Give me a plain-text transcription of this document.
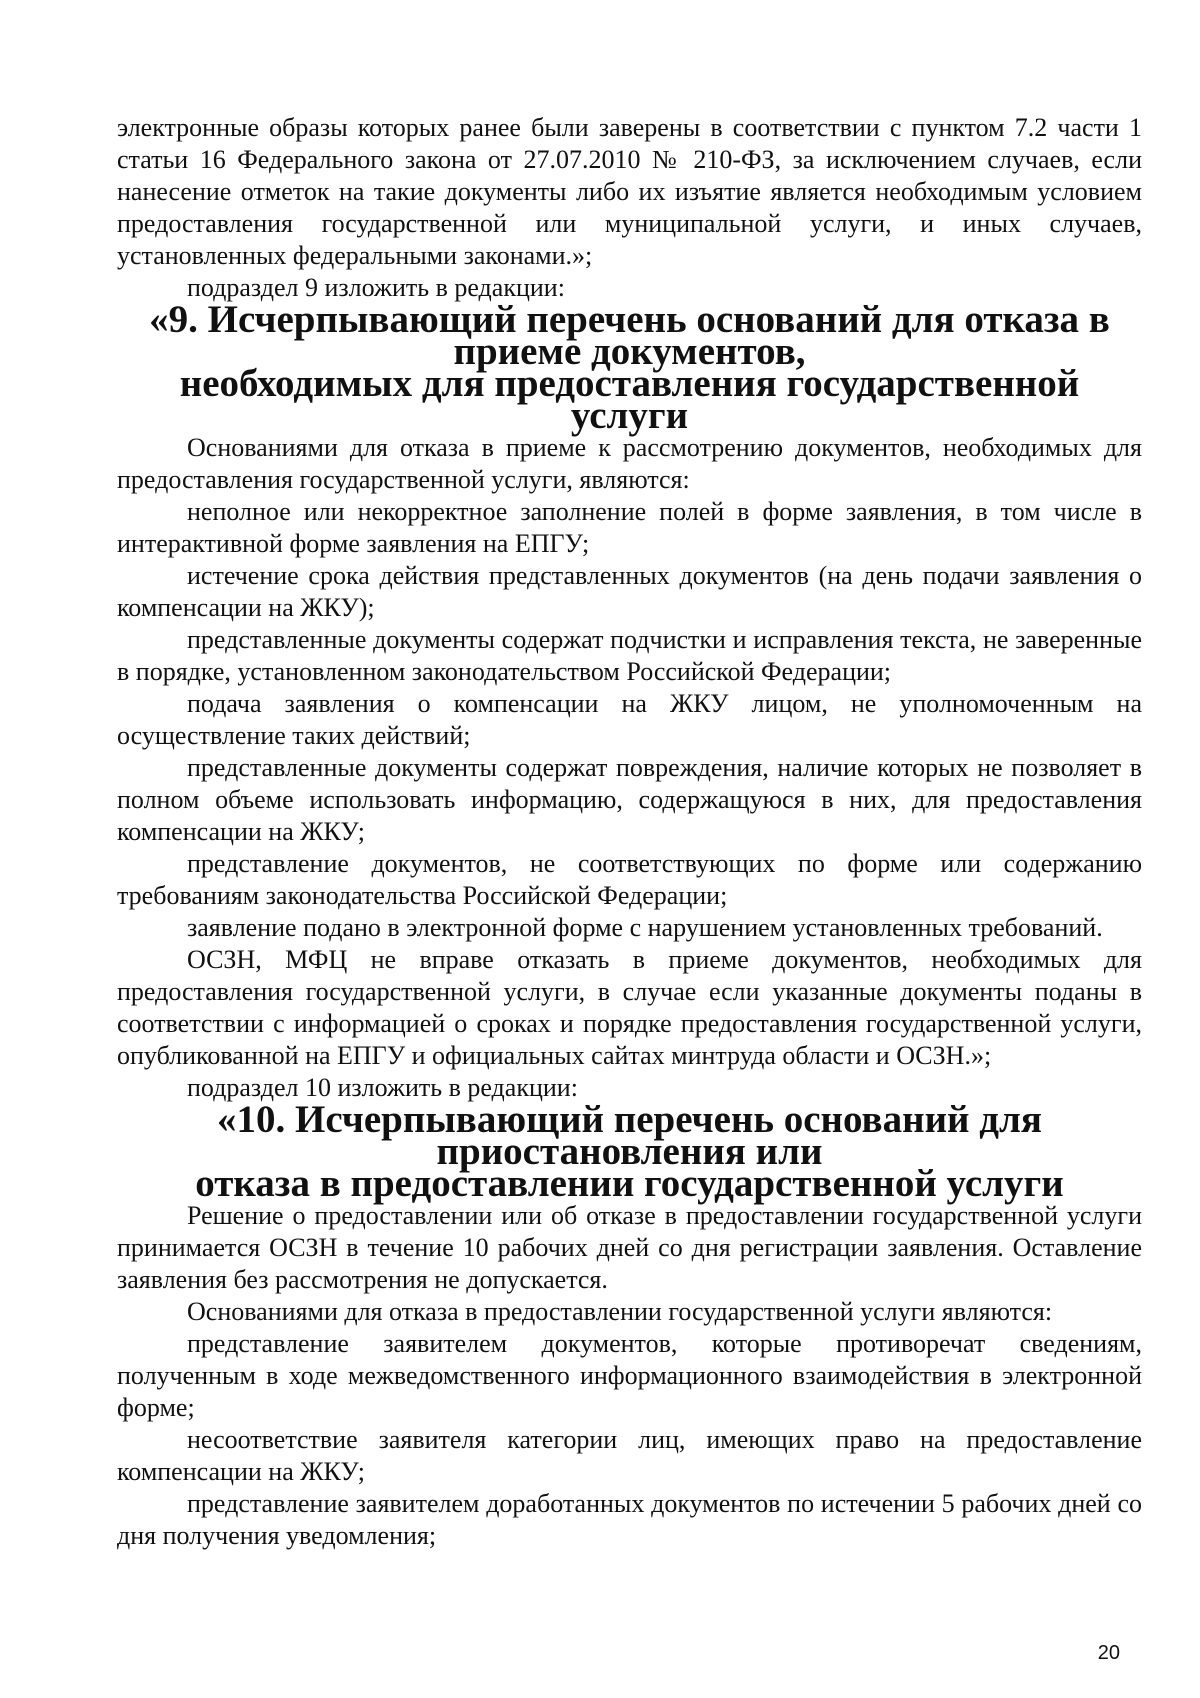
электронные образы которых ранее были заверены в соответствии с пунктом 7.2 части 1 статьи 16 Федерального закона от 27.07.2010 № 210-ФЗ, за исключением случаев, если нанесение отметок на такие документы либо их изъятие является необходимым условием предоставления государственной или муниципальной услуги, и иных случаев, установленных федеральными законами.»;

подраздел 9 изложить в редакции:

«9. Исчерпывающий перечень оснований для отказа в приеме документов,
необходимых для предоставления государственной услуги

Основаниями для отказа в приеме к рассмотрению документов, необходимых для предоставления государственной услуги, являются:

неполное или некорректное заполнение полей в форме заявления, в том числе в интерактивной форме заявления на ЕПГУ;

истечение срока действия представленных документов (на день подачи заявления о компенсации на ЖКУ);

представленные документы содержат подчистки и исправления текста, не заверенные в порядке, установленном законодательством Российской Федерации;

подача заявления о компенсации на ЖКУ лицом, не уполномоченным на осуществление таких действий;

представленные документы содержат повреждения, наличие которых не позволяет в полном объеме использовать информацию, содержащуюся в них, для предоставления компенсации на ЖКУ;

представление документов, не соответствующих по форме или содержанию требованиям законодательства Российской Федерации;

заявление подано в электронной форме с нарушением установленных требований.

ОСЗН, МФЦ не вправе отказать в приеме документов, необходимых для предоставления государственной услуги, в случае если указанные документы поданы в соответствии с информацией о сроках и порядке предоставления государственной услуги, опубликованной на ЕПГУ и официальных сайтах минтруда области и ОСЗН.»;

подраздел 10 изложить в редакции:

«10. Исчерпывающий перечень оснований для приостановления или
отказа в предоставлении государственной услуги

Решение о предоставлении или об отказе в предоставлении государственной услуги принимается ОСЗН в течение 10 рабочих дней со дня регистрации заявления. Оставление заявления без рассмотрения не допускается.

Основаниями для отказа в предоставлении государственной услуги являются:

представление заявителем документов, которые противоречат сведениям, полученным в ходе межведомственного информационного взаимодействия в электронной форме;

несоответствие заявителя категории лиц, имеющих право на предоставление компенсации на ЖКУ;

представление заявителем доработанных документов по истечении 5 рабочих дней со дня получения уведомления;

20
